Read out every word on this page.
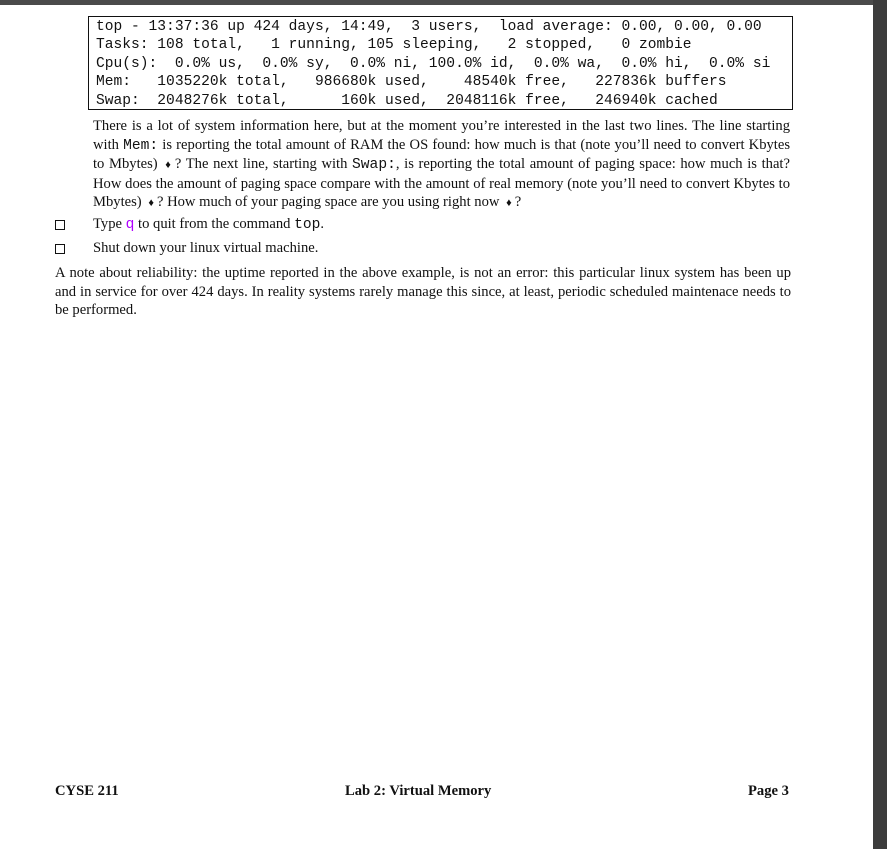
top - 13:37:36 up 424 days, 14:49,  3 users,  load average: 0.00, 0.00, 0.00
Tasks: 108 total,   1 running, 105 sleeping,   2 stopped,   0 zombie
Cpu(s):  0.0% us,  0.0% sy,  0.0% ni, 100.0% id,  0.0% wa,  0.0% hi,  0.0% si
Mem:   1035220k total,   986680k used,    48540k free,   227836k buffers
Swap:  2048276k total,      160k used,  2048116k free,   246940k cached
There is a lot of system information here, but at the moment you’re interested in the last two lines. The line starting with Mem: is reporting the total amount of RAM the OS found: how much is that (note you’ll need to convert Kbytes to Mbytes) ♦ ? The next line, starting with Swap:, is reporting the total amount of paging space: how much is that? How does the amount of paging space compare with the amount of real memory (note you’ll need to convert Kbytes to Mbytes) ♦ ? How much of your paging space are you using right now ♦ ?
Type q to quit from the command top.
Shut down your linux virtual machine.
A note about reliability: the uptime reported in the above example, is not an error: this particular linux system has been up and in service for over 424 days. In reality systems rarely manage this since, at least, periodic scheduled maintenace needs to be performed.
CYSE 211	Lab 2: Virtual Memory	Page 3
